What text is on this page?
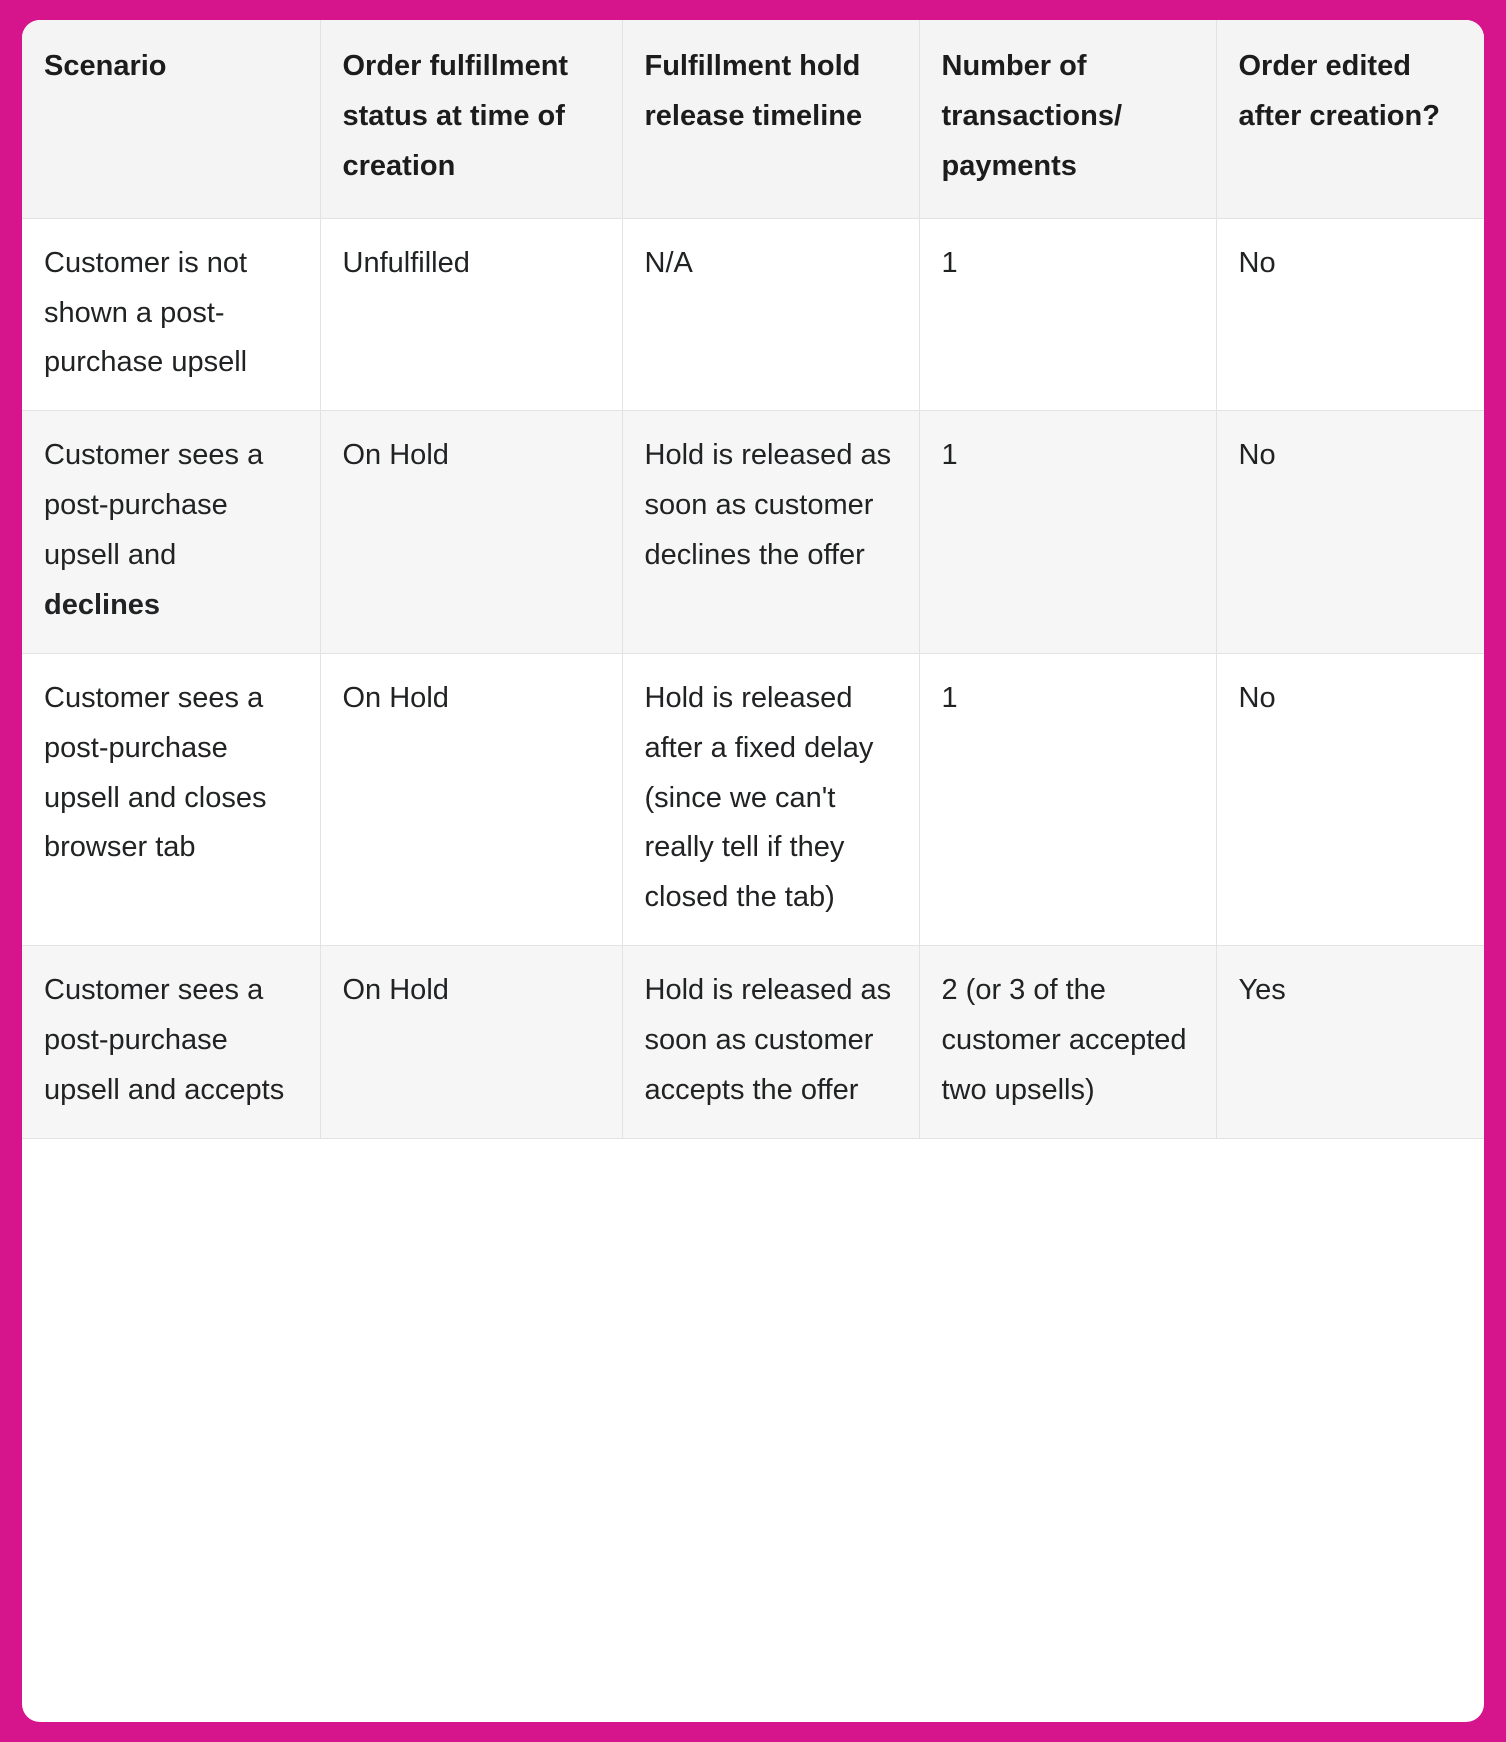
Scenario	Order fulfillment status at time of creation	Fulfillment hold release timeline	Number of transactions/ payments	Order edited after creation?
Customer is not shown a post-purchase upsell	Unfulfilled	N/A	1	No

Customer sees a post-purchase upsell and declines	On Hold	Hold is released as soon as customer declines the offer	1	No
Customer sees a post-purchase upsell and closes browser tab	On Hold	Hold is released after a fixed delay (since we can't really tell if they closed the tab)	1	No
Customer sees a post-purchase upsell and accepts	On Hold	Hold is released as soon as customer accepts the offer	2 (or 3 of the customer accepted two upsells)	Yes
